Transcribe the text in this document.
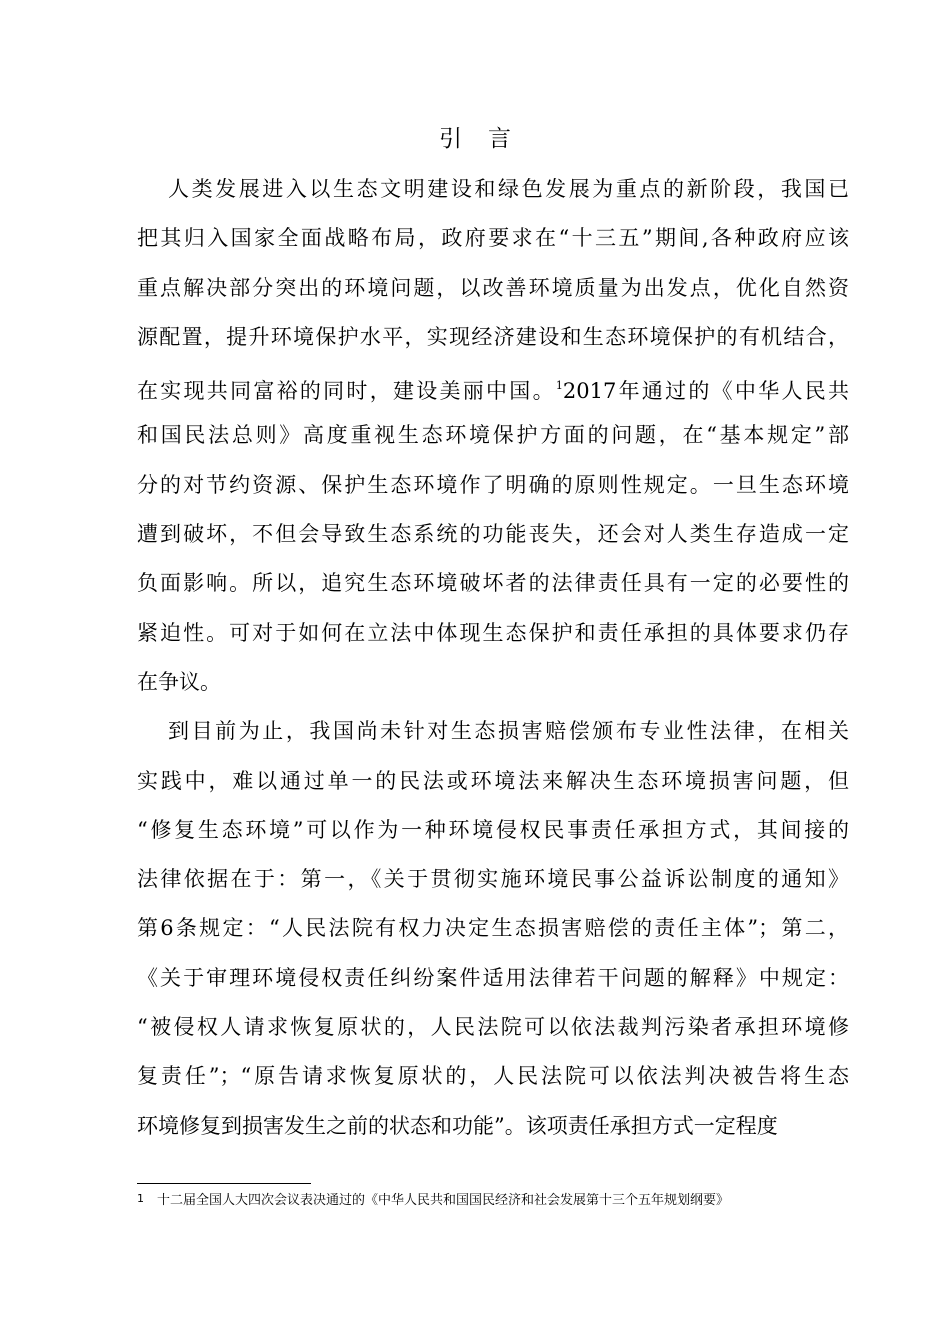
引言
人类发展进入以生态文明建设和绿色发展为重点的新阶段，我国已
把其归入国家全面战略布局，政府要求在“十三五”期间,各种政府应该
重点解决部分突出的环境问题，以改善环境质量为出发点，优化自然资
源配置，提升环境保护水平，实现经济建设和生态环境保护的有机结合，
在实现共同富裕的同时，建设美丽中国。$^1$2017年通过的《中华人民共
和国民法总则》高度重视生态环境保护方面的问题，在“基本规定”部
分的对节约资源、保护生态环境作了明确的原则性规定。一旦生态环境
遭到破坏，不但会导致生态系统的功能丧失，还会对人类生存造成一定
负面影响。所以，追究生态环境破坏者的法律责任具有一定的必要性的
紧迫性。可对于如何在立法中体现生态保护和责任承担的具体要求仍存
在争议。
到目前为止，我国尚未针对生态损害赔偿颁布专业性法律，在相关
实践中，难以通过单一的民法或环境法来解决生态环境损害问题，但
“修复生态环境”可以作为一种环境侵权民事责任承担方式，其间接的
法律依据在于：第一，《关于贯彻实施环境民事公益诉讼制度的通知》
第6条规定：“人民法院有权力决定生态损害赔偿的责任主体”；第二，
《关于审理环境侵权责任纠纷案件适用法律若干问题的解释》中规定：
“被侵权人请求恢复原状的，人民法院可以依法裁判污染者承担环境修
复责任”；“原告请求恢复原状的，人民法院可以依法判决被告将生态
环境修复到损害发生之前的状态和功能”。该项责任承担方式一定程度
1 十二届全国人大四次会议表决通过的《中华人民共和国国民经济和社会发展第十三个五年规划纲要》
